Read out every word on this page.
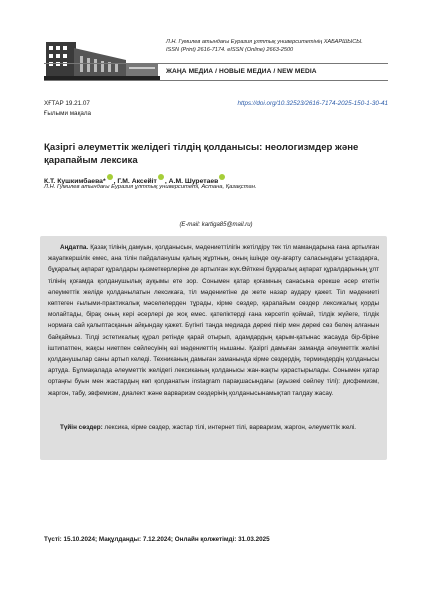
Л.Н. Гумилев атындағы Еуразия ұлттық университетінің ХАБАРШЫСЫ.
ISSN (Print) 2616-7174. eISSN (Online) 2663-2500
ЖАҢА МЕДИА / НОВЫЕ МЕДИА / NEW MEDIA
ХҒТАР 19.21.07	https://doi.org/10.32523/2616-7174-2025-150-1-30-41
Ғылыми мақала
Қазіргі әлеуметтік желідегі тілдің қолданысы: неологизмдер және қарапайым лексика
К.Т. Кушкимбаева* , Г.М. Аксейіт , А.М. Шуретаев
Л.Н. Гумилев атындағы Еуразия ұлттық университеті, Астана, Қазақстан.
(E-mail: kartiga85@mail.ru)
Аңдатпа. Қазақ тілінің дамуын, қолданысын, мәдениеттілігін жетілдіру тек тіл мамандарына ғана артылған жауапкершілік емес, ана тілін пайдаланушы қалың жұртның, оның ішінде оқу-ағарту саласындағы ұстаздарға, бұқаралық ақпарат құралдары қызметкерлеріне де артылған жүк.Өйткені бұқаралық ақпарат құралдарының ұлт тілінің қоғамда қолданушылық ауқымы ете зор. Сонымен қатар қоғамның санасына ерекше әсер ететін әлеуметтік желіде қолданылатын лексикаға, тіл мәдениетіне де жете назар аудару қажет. Тіл мәдениеті көптеген ғылыми-практикалық мәселелерден тұрады, кірме сөздер, қарапайым сөздер лексикалық қорды молайтады, бірақ оның кері әсерлері де жоқ емес. қателіктерді ғана көрсетіп қоймай, тілдік жүйеге, тілдік нормаға сай қалыптасқанын айқындау қажет. Бүгінгі таңда медиада дөрекі пікір мен дөрекі сөз белең алғанын байқаймыз. Тілді эстетикалық құрал ретінде қарай отырып, адамдардың қарым-қатынас жасауда бір-біріне іштипатпен, жақсы ниетпен сөйлесуінің өзі мәдениеттің нышаны. Қазіргі дамыған заманда әлеуметтік желіні қолданушылар саны артып келеді. Техниканың дамыған заманында кірме сөздердің, терминдердің қолданысы артуда. Бұлмақалада әлеуметтік желідегі лексиканың қолданысы жан-жақты қарастырылады. Сонымен қатар ортаңғы буын мен жастардың көп қолданатын instagram парақшасындағы (ауызекі сөйлеу тілі): дисфемизм, жаргон, табу, эвфемизм, диалект және варваризм сөздерінің қолданысынамықтап талдау жасау.
Түйін сөздер: лексика, кірме сөздер, жастар тілі, интернет тілі, варваризм, жаргон, әлеуметтік желі.
Түсті: 15.10.2024; Мақұлданды: 7.12.2024; Онлайн қолжетімді: 31.03.2025
